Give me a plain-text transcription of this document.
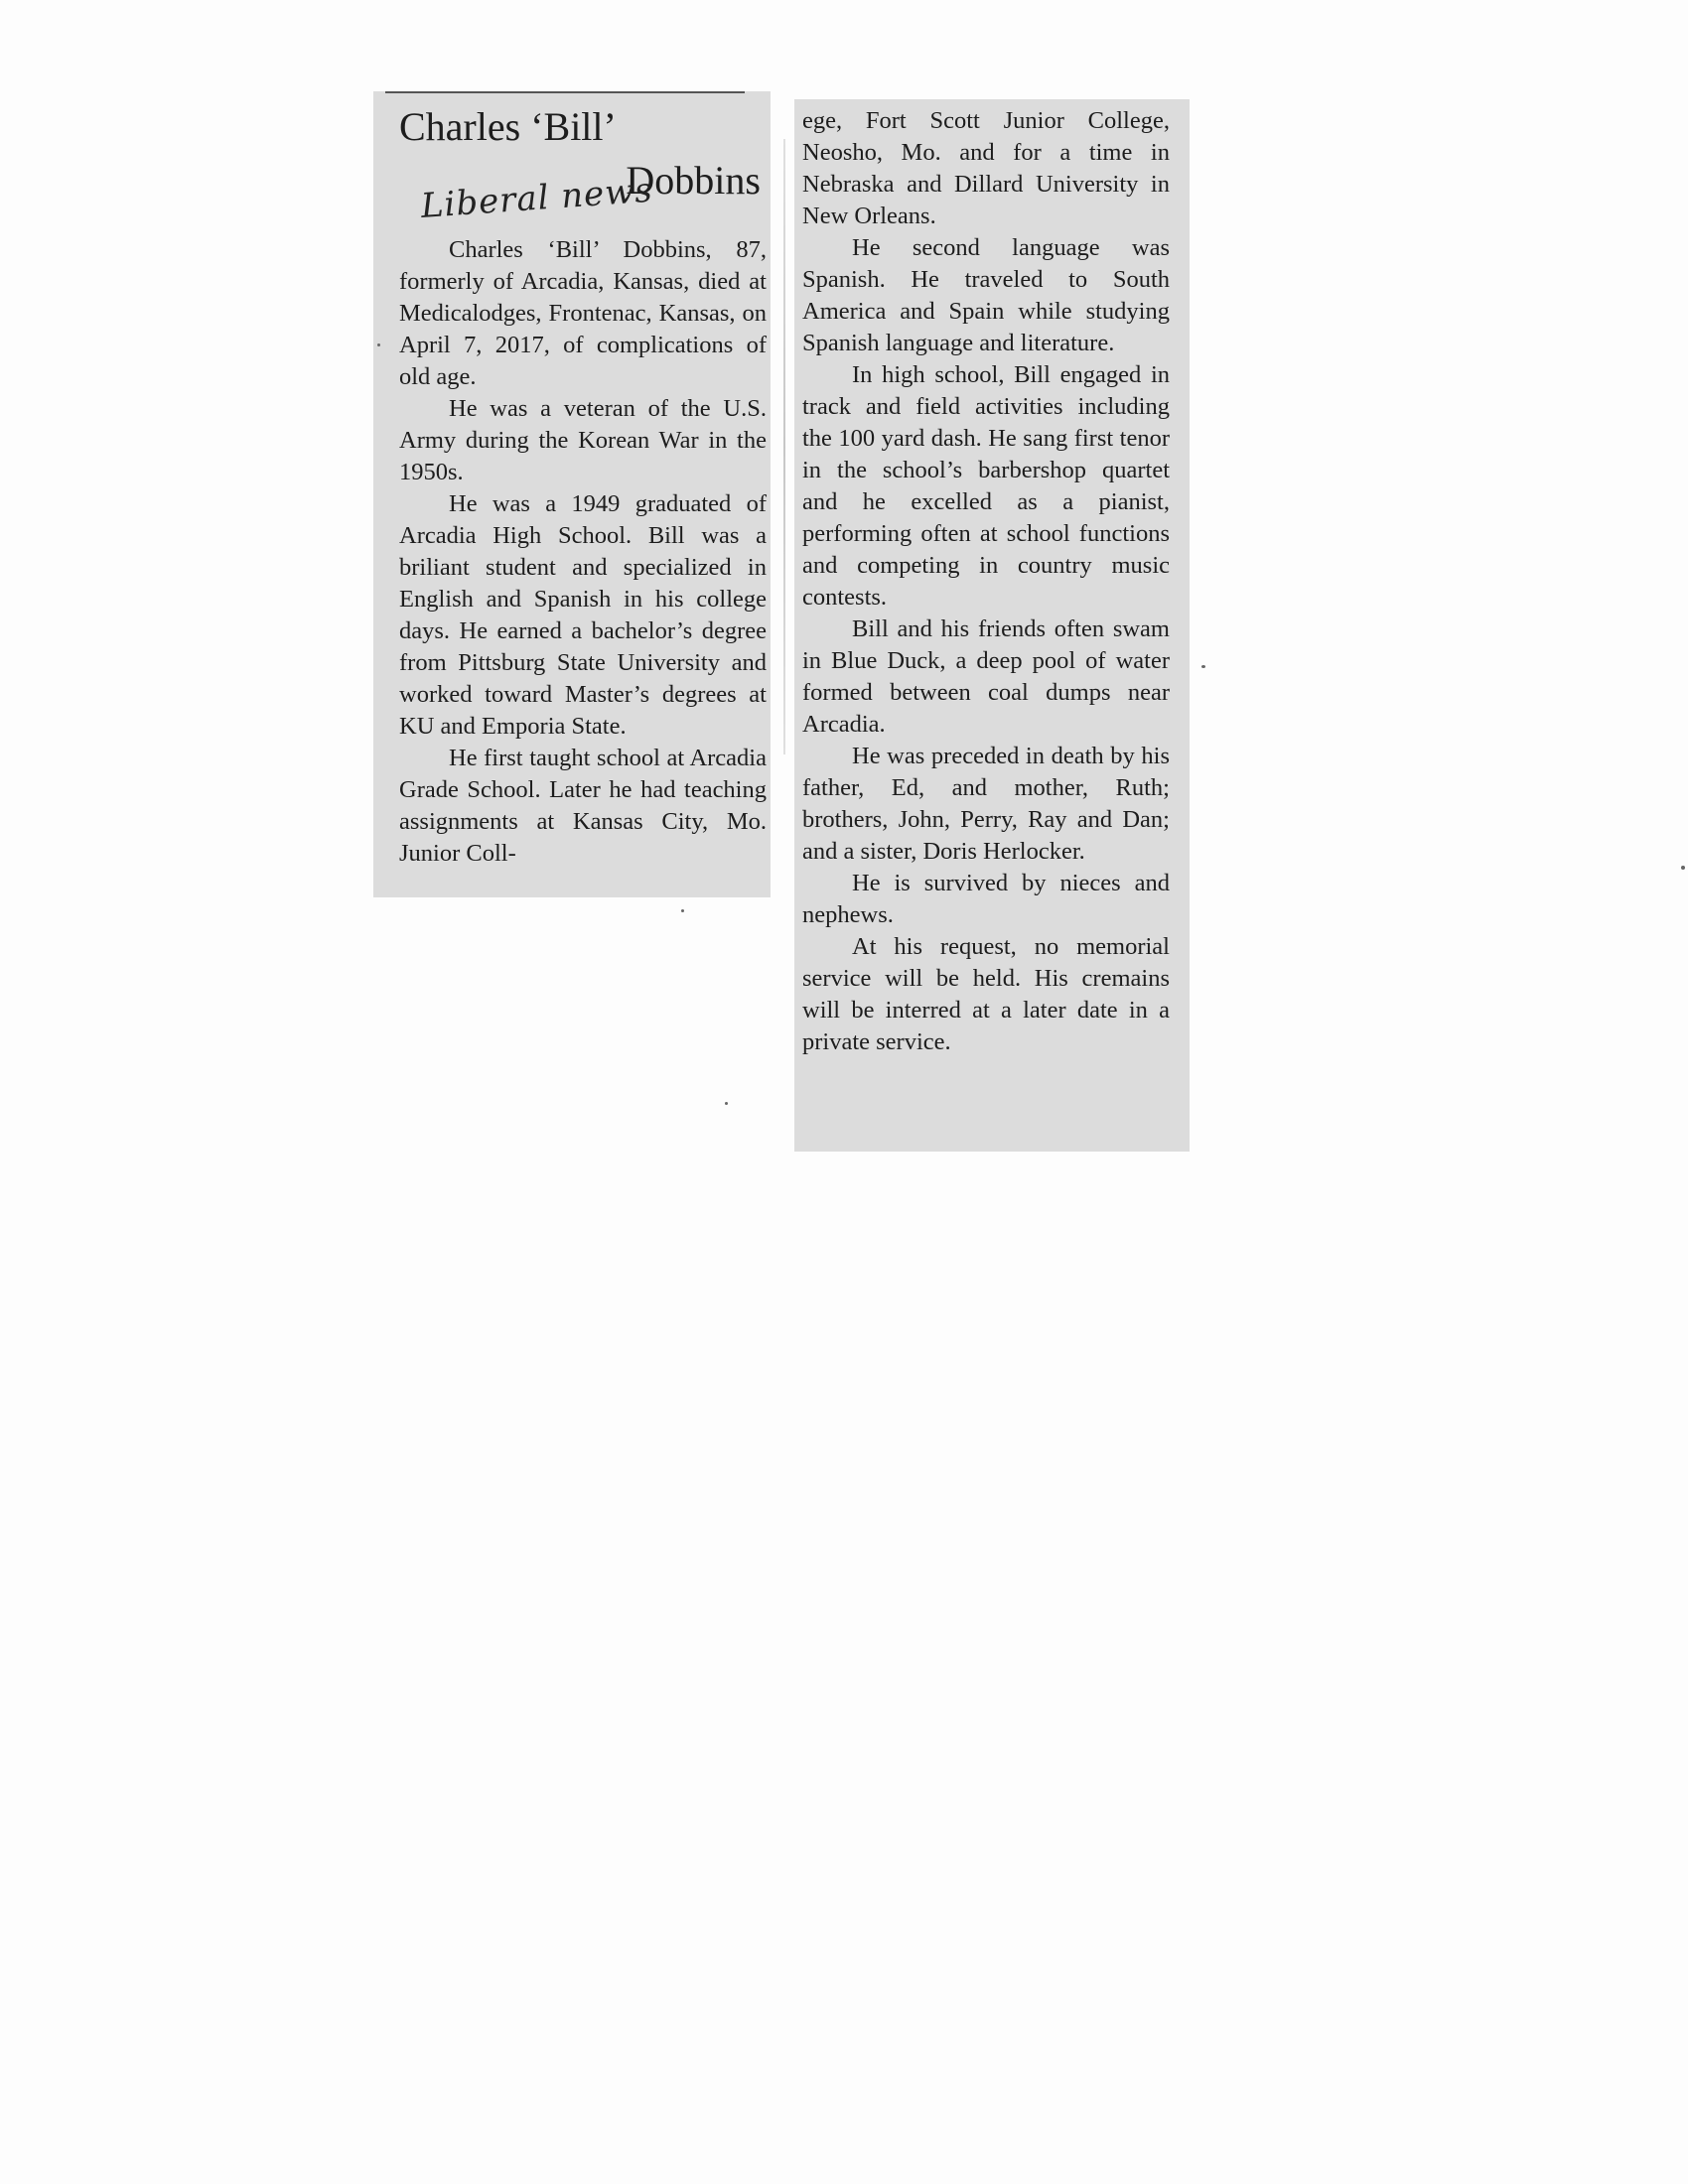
Charles ‘Bill’
Dobbins
Liberal news

Charles ‘Bill’ Dobbins, 87, formerly of Arcadia, Kansas, died at Medicalodges, Frontenac, Kansas, on April 7, 2017, of complications of old age.

He was a veteran of the U.S. Army during the Korean War in the 1950s.

He was a 1949 graduated of Arcadia High School. Bill was a briliant student and specialized in English and Spanish in his college days. He earned a bachelor’s degree from Pittsburg State University and worked toward Master’s degrees at KU and Emporia State.

He first taught school at Arcadia Grade School. Later he had teaching assignments at Kansas City, Mo. Junior Coll-

ege, Fort Scott Junior College, Neosho, Mo. and for a time in Nebraska and Dillard University in New Orleans.

He second language was Spanish. He traveled to South America and Spain while studying Spanish language and literature.

In high school, Bill engaged in track and field activities including the 100 yard dash. He sang first tenor in the school’s barbershop quartet and he excelled as a pianist, performing often at school functions and competing in country music contests.

Bill and his friends often swam in Blue Duck, a deep pool of water formed between coal dumps near Arcadia.

He was preceded in death by his father, Ed, and mother, Ruth; brothers, John, Perry, Ray and Dan; and a sister, Doris Herlocker.

He is survived by nieces and nephews.

At his request, no memorial service will be held. His cremains will be interred at a later date in a private service.
